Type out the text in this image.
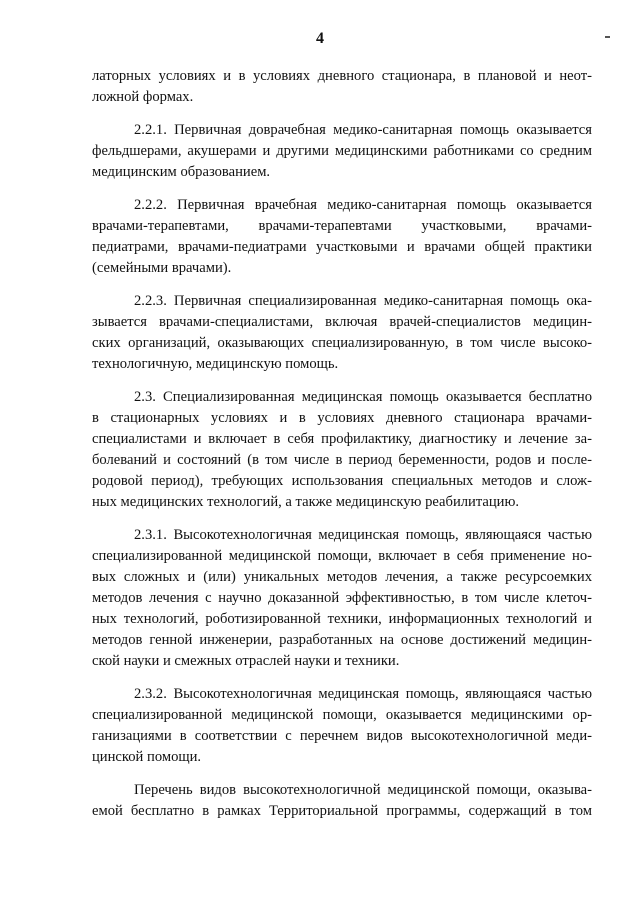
4
латорных условиях и в условиях дневного стационара, в плановой и неот-
ложной формах.
2.2.1. Первичная доврачебная медико-санитарная помощь оказывается
фельдшерами, акушерами и другими медицинскими работниками со средним
медицинским образованием.
2.2.2. Первичная врачебная медико-санитарная помощь оказывается
врачами-терапевтами, врачами-терапевтами участковыми, врачами-
педиатрами, врачами-педиатрами участковыми и врачами общей практики
(семейными врачами).
2.2.3. Первичная специализированная медико-санитарная помощь ока-
зывается врачами-специалистами, включая врачей-специалистов медицин-
ских организаций, оказывающих специализированную, в том числе высоко-
технологичную, медицинскую помощь.
2.3. Специализированная медицинская помощь оказывается бесплатно
в стационарных условиях и в условиях дневного стационара врачами-
специалистами и включает в себя профилактику, диагностику и лечение за-
болеваний и состояний (в том числе в период беременности, родов и после-
родовой период), требующих использования специальных методов и слож-
ных медицинских технологий, а также медицинскую реабилитацию.
2.3.1. Высокотехнологичная медицинская помощь, являющаяся частью
специализированной медицинской помощи, включает в себя применение но-
вых сложных и (или) уникальных методов лечения, а также ресурсоемких
методов лечения с научно доказанной эффективностью, в том числе клеточ-
ных технологий, роботизированной техники, информационных технологий и
методов генной инженерии, разработанных на основе достижений медицин-
ской науки и смежных отраслей науки и техники.
2.3.2. Высокотехнологичная медицинская помощь, являющаяся частью
специализированной медицинской помощи, оказывается медицинскими ор-
ганизациями в соответствии с перечнем видов высокотехнологичной меди-
цинской помощи.
Перечень видов высокотехнологичной медицинской помощи, оказыва-
емой бесплатно в рамках Территориальной программы, содержащий в том
